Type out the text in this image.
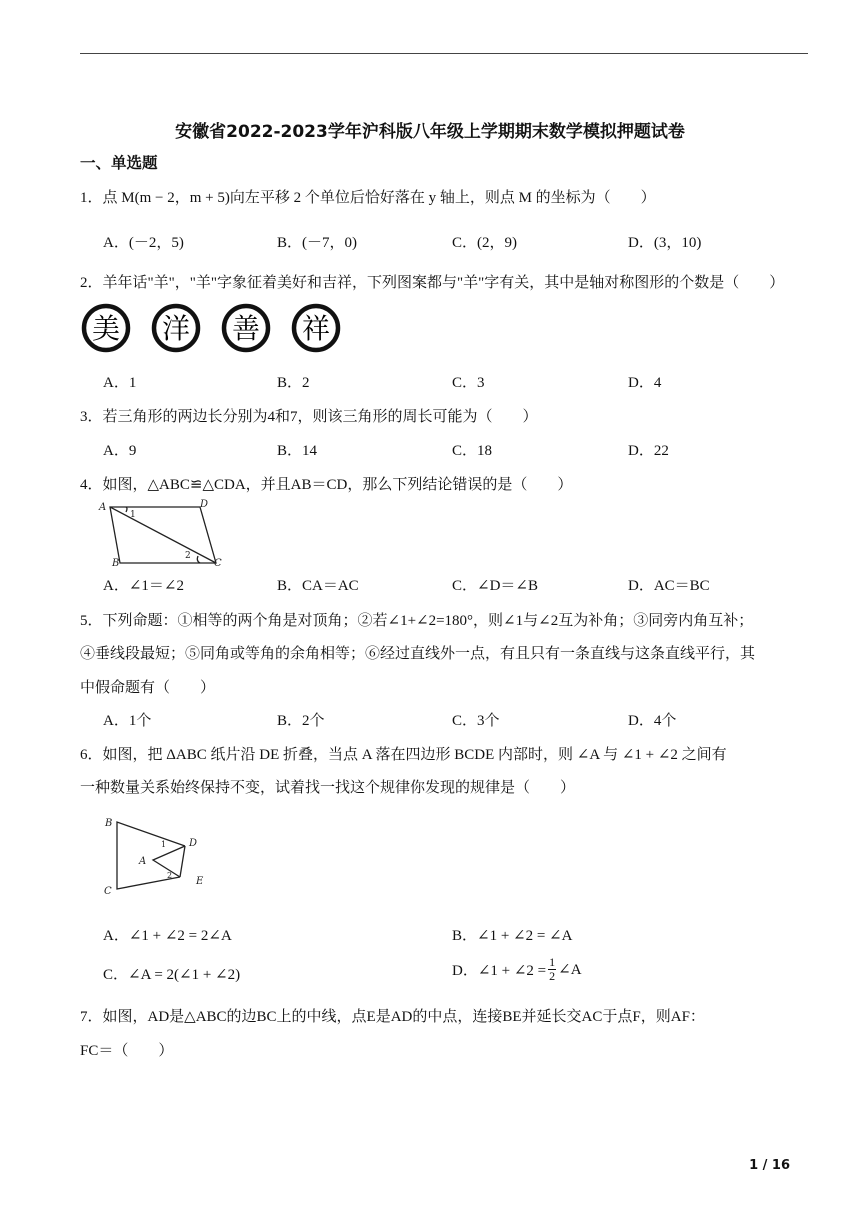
安徽省2022-2023学年沪科版八年级上学期期末数学模拟押题试卷
一、单选题
1．点 M(m − 2，m + 5)向左平移 2 个单位后恰好落在 y 轴上，则点 M 的坐标为（　　）
A．(－2，5)	B．(－7，0)	C．(2，9)	D．(3，10)
2．羊年话"羊"，"羊"字象征着美好和吉祥，下列图案都与"羊"字有关，其中是轴对称图形的个数是（　　）
美 洋 善 祥
A．1	B．2	C．3	D．4
3．若三角形的两边长分别为4和7，则该三角形的周长可能为（　　）
A．9	B．14	C．18	D．22
4．如图，△ABC≌△CDA，并且AB＝CD，那么下列结论错误的是（　　）
A	D
B	C
1
2
A．∠1＝∠2	B．CA＝AC	C．∠D＝∠B	D．AC＝BC
5．下列命题：①相等的两个角是对顶角；②若∠1+∠2=180°，则∠1与∠2互为补角；③同旁内角互补；
④垂线段最短；⑤同角或等角的余角相等；⑥经过直线外一点，有且只有一条直线与这条直线平行，其
中假命题有（　　）
A．1个	B．2个	C．3个	D．4个
6．如图，把 ΔABC 纸片沿 DE 折叠，当点 A 落在四边形 BCDE 内部时，则 ∠A 与 ∠1 + ∠2 之间有
一种数量关系始终保持不变，试着找一找这个规律你发现的规律是（　　）
B
D
A
C
E
1
2
A．∠1 + ∠2 = 2∠A	B．∠1 + ∠2 = ∠A
C．∠A = 2(∠1 + ∠2)	D．∠1 + ∠2 = $\frac{1}{2}$ ∠A
7．如图，AD是△ABC的边BC上的中线，点E是AD的中点，连接BE并延长交AC于点F，则AF：
FC＝（　　）
1 / 16
